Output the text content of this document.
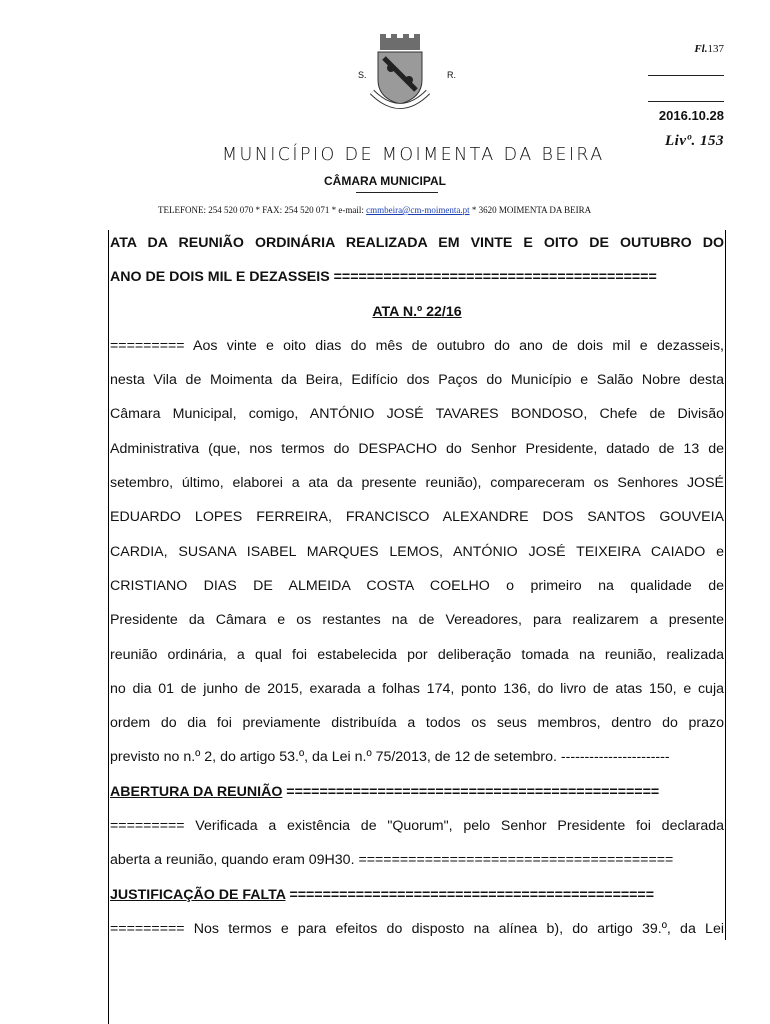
S.	R.
Fl.137
2016.10.28
Livº. 153
MUNICÍPIO DE MOIMENTA DA BEIRA
CÂMARA MUNICIPAL
TELEFONE: 254 520 070 * FAX: 254 520 071 * e-mail: cmmbeira@cm-moimenta.pt * 3620 MOIMENTA DA BEIRA
ATA DA REUNIÃO ORDINÁRIA REALIZADA EM VINTE E OITO DE OUTUBRO DO
ANO DE DOIS MIL E DEZASSEIS =======================================
ATA N.º 22/16
========= Aos vinte e oito dias do mês de outubro do ano de dois mil e dezasseis,
nesta Vila de Moimenta da Beira, Edifício dos Paços do Município e Salão Nobre desta
Câmara Municipal, comigo, ANTÓNIO JOSÉ TAVARES BONDOSO, Chefe de Divisão
Administrativa (que, nos termos do DESPACHO do Senhor Presidente, datado de 13 de
setembro, último, elaborei a ata da presente reunião), compareceram os Senhores JOSÉ
EDUARDO LOPES FERREIRA, FRANCISCO ALEXANDRE DOS SANTOS GOUVEIA
CARDIA, SUSANA ISABEL MARQUES LEMOS, ANTÓNIO JOSÉ TEIXEIRA CAIADO e
CRISTIANO DIAS DE ALMEIDA COSTA COELHO o primeiro na qualidade de
Presidente da Câmara e os restantes na de Vereadores, para realizarem a presente
reunião ordinária, a qual foi estabelecida por deliberação tomada na reunião, realizada
no dia 01 de junho de 2015, exarada a folhas 174, ponto 136, do livro de atas 150, e cuja
ordem do dia foi previamente distribuída a todos os seus membros, dentro do prazo
previsto no n.º 2, do artigo 53.º, da Lei n.º 75/2013, de 12 de setembro. -----------------------
ABERTURA DA REUNIÃO =============================================
========= Verificada a existência de "Quorum", pelo Senhor Presidente foi declarada
aberta a reunião, quando eram 09H30. ======================================
JUSTIFICAÇÃO DE FALTA ============================================
========= Nos termos e para efeitos do disposto na alínea b), do artigo 39.º, da Lei
